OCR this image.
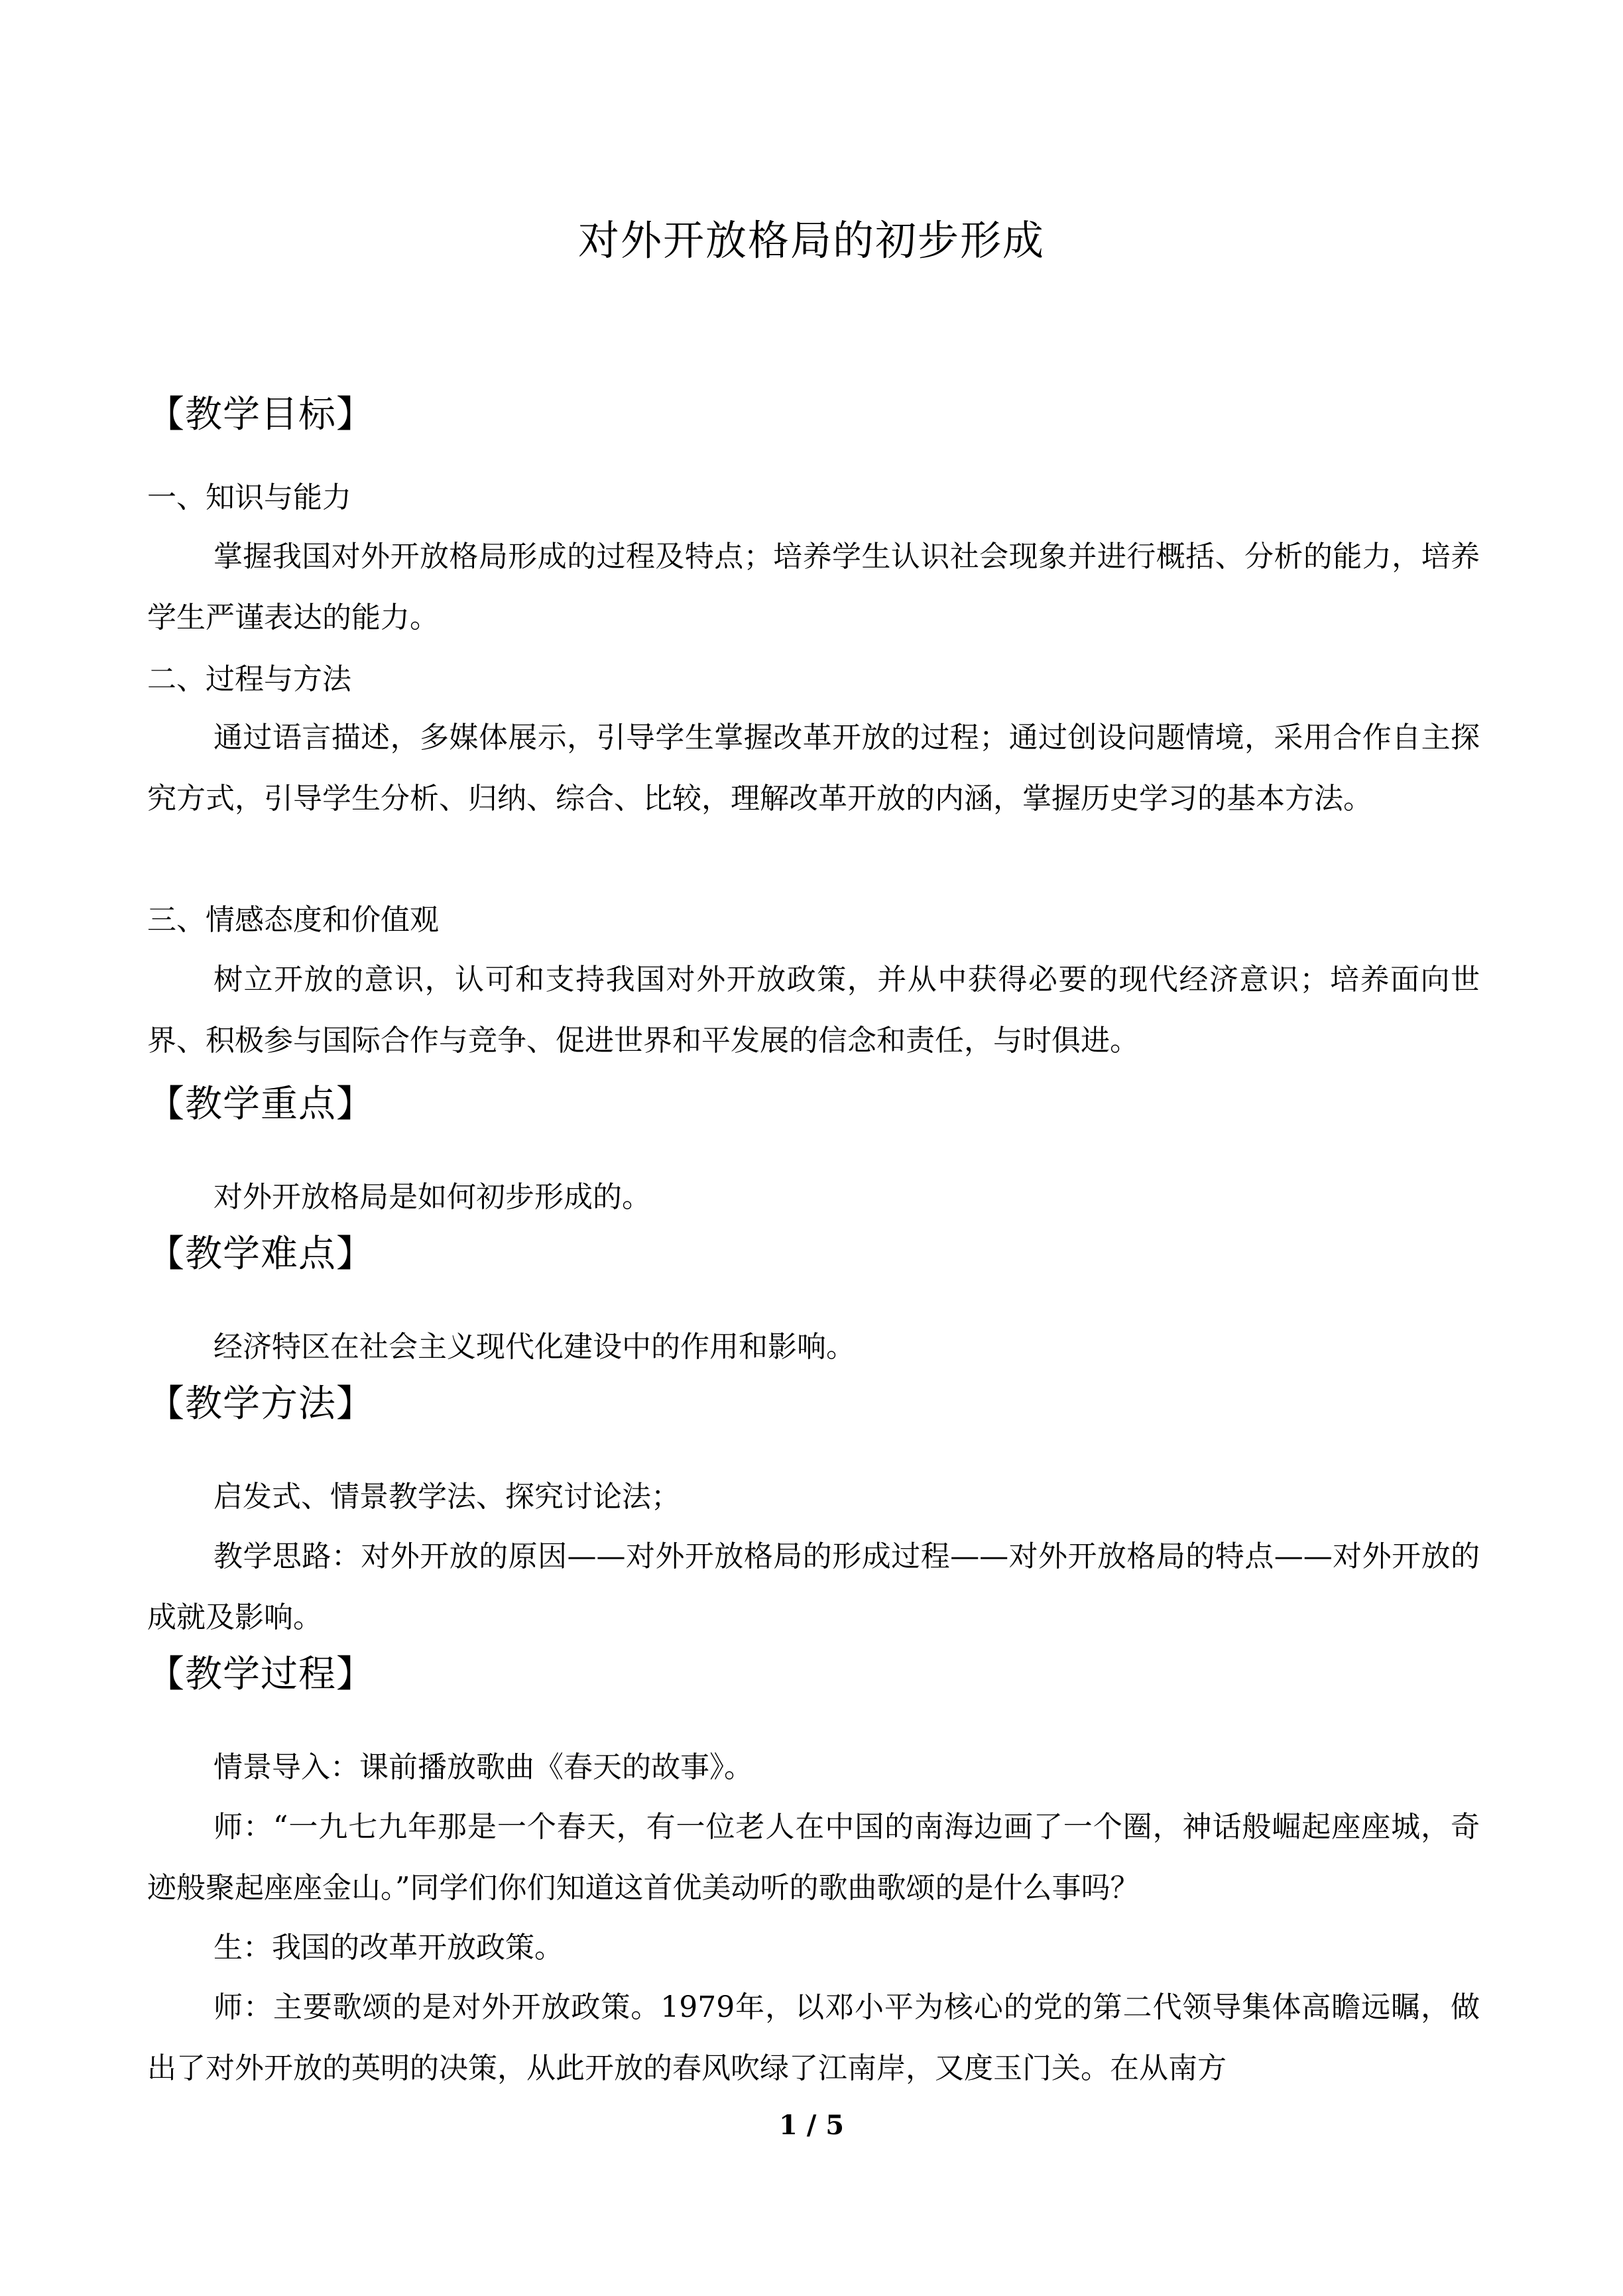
对外开放格局的初步形成
【教学目标】
一、知识与能力
掌握我国对外开放格局形成的过程及特点；培养学生认识社会现象并进行概括、分析的能力，培养学生严谨表达的能力。
二、过程与方法
通过语言描述，多媒体展示，引导学生掌握改革开放的过程；通过创设问题情境，采用合作自主探究方式，引导学生分析、归纳、综合、比较，理解改革开放的内涵，掌握历史学习的基本方法。
三、情感态度和价值观
树立开放的意识，认可和支持我国对外开放政策，并从中获得必要的现代经济意识；培养面向世界、积极参与国际合作与竞争、促进世界和平发展的信念和责任，与时俱进。
【教学重点】
对外开放格局是如何初步形成的。
【教学难点】
经济特区在社会主义现代化建设中的作用和影响。
【教学方法】
启发式、情景教学法、探究讨论法；
教学思路：对外开放的原因——对外开放格局的形成过程——对外开放格局的特点——对外开放的成就及影响。
【教学过程】
情景导入：课前播放歌曲《春天的故事》。
师：“一九七九年那是一个春天，有一位老人在中国的南海边画了一个圈，神话般崛起座座城，奇迹般聚起座座金山。”同学们你们知道这首优美动听的歌曲歌颂的是什么事吗？
生：我国的改革开放政策。
师：主要歌颂的是对外开放政策。1979年，以邓小平为核心的党的第二代领导集体高瞻远瞩，做出了对外开放的英明的决策，从此开放的春风吹绿了江南岸，又度玉门关。在从南方
1 / 5
